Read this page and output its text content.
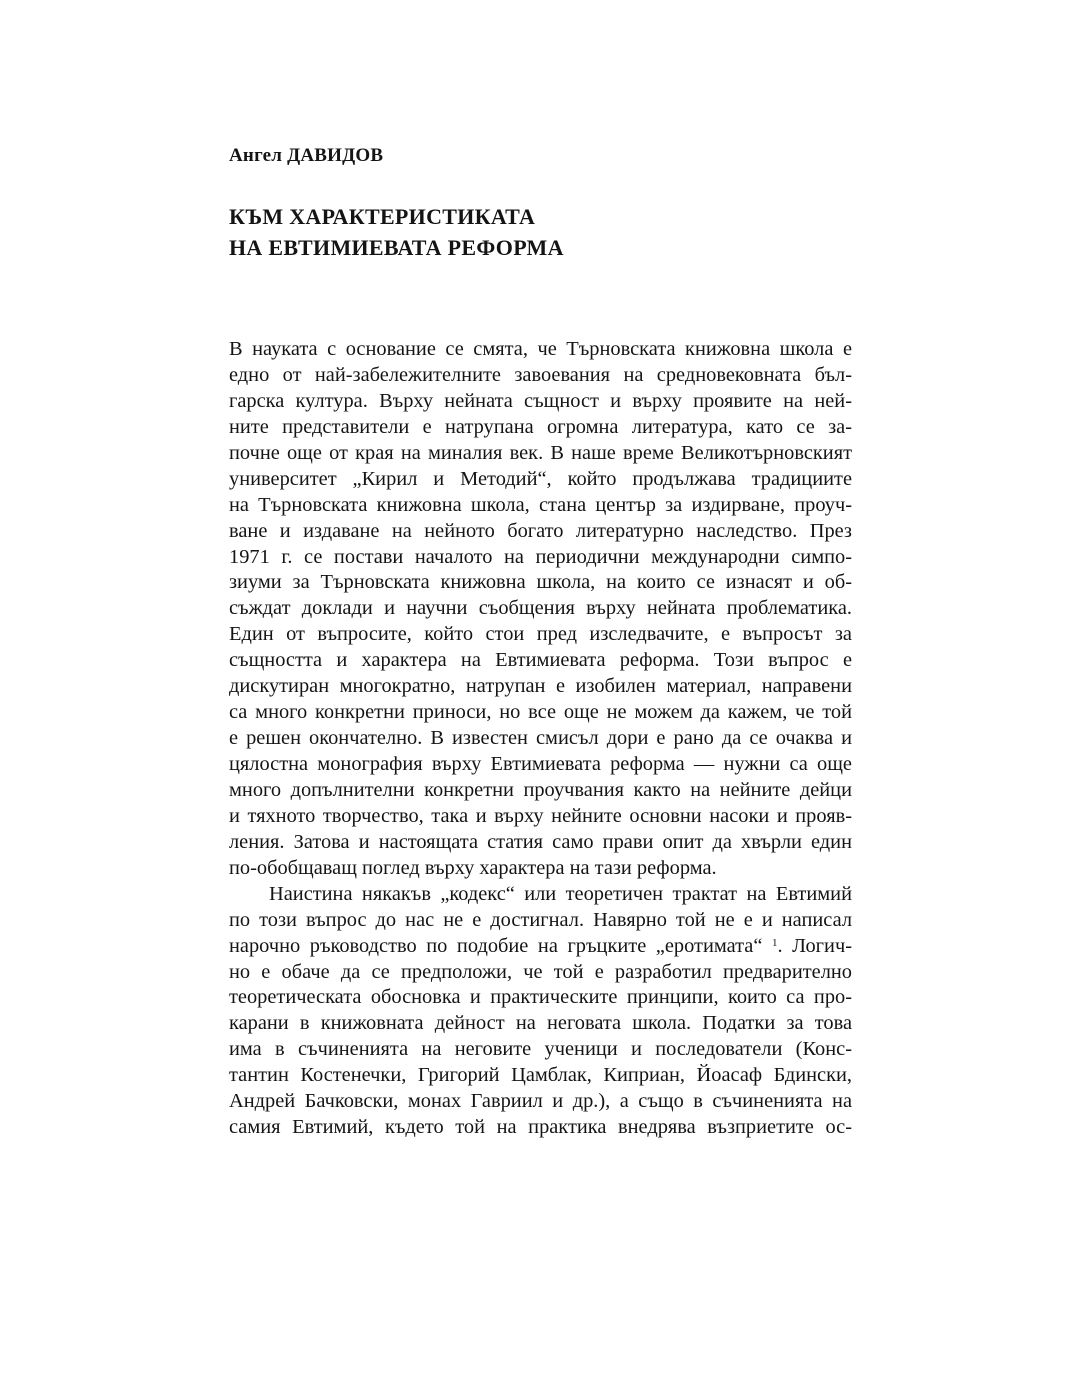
Ангел ДАВИДОВ
КЪМ ХАРАКТЕРИСТИКАТА
НА ЕВТИМИЕВАТА РЕФОРМА
В науката с основание се смята, че Търновската книжовна школа е
едно от най-забележителните завоевания на средновековната бъл-
гарска култура. Върху нейната същност и върху проявите на ней-
ните представители е натрупана огромна литература, като се за-
почне още от края на миналия век. В наше време Великотърновският
университет „Кирил и Методий“, който продължава традициите
на Търновската книжовна школа, стана център за издирване, проуч-
ване и издаване на нейното богато литературно наследство. През
1971 г. се постави началото на периодични международни симпо-
зиуми за Търновската книжовна школа, на които се изнасят и об-
съждат доклади и научни съобщения върху нейната проблематика.
Един от въпросите, който стои пред изследвачите, е въпросът за
същността и характера на Евтимиевата реформа. Този въпрос е
дискутиран многократно, натрупан е изобилен материал, направени
са много конкретни приноси, но все още не можем да кажем, че той
е решен окончателно. В известен смисъл дори е рано да се очаква и
цялостна монография върху Евтимиевата реформа — нужни са още
много допълнителни конкретни проучвания както на нейните дейци
и тяхното творчество, така и върху нейните основни насоки и прояв-
ления. Затова и настоящата статия само прави опит да хвърли един
по-обобщаващ поглед върху характера на тази реформа.
Наистина някакъв „кодекс“ или теоретичен трактат на Евтимий
по този въпрос до нас не е достигнал. Навярно той не е и написал
нарочно ръководство по подобие на гръцките „еротимата“ $^1$. Логич-
но е обаче да се предположи, че той е разработил предварително
теоретическата обосновка и практическите принципи, които са про-
карани в книжовната дейност на неговата школа. Податки за това
има в съчиненията на неговите ученици и последователи (Конс-
тантин Костенечки, Григорий Цамблак, Киприан, Йоасаф Бдински,
Андрей Бачковски, монах Гавриил и др.), а също в съчиненията на
самия Евтимий, където той на практика внедрява възприетите ос-
